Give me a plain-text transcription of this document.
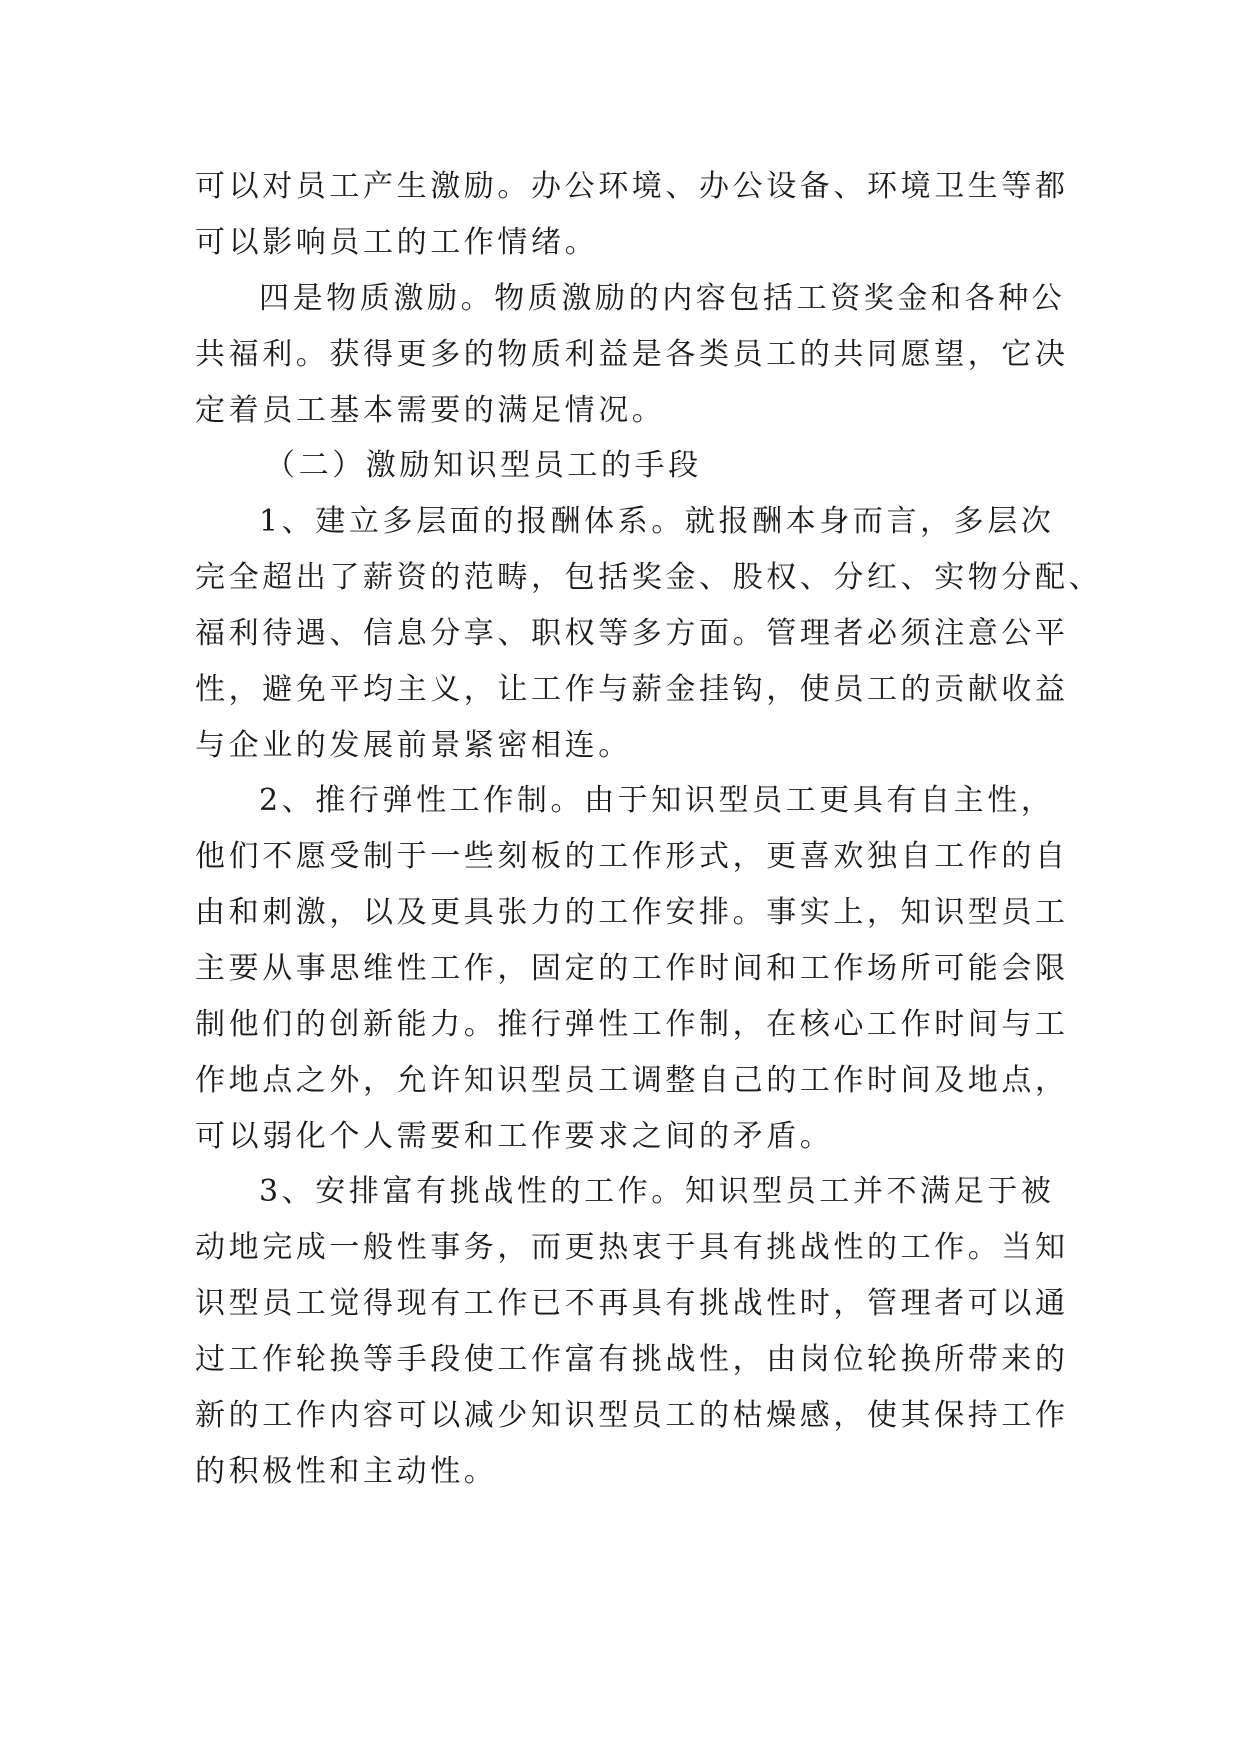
可以对员工产生激励。办公环境、办公设备、环境卫生等都
可以影响员工的工作情绪。
四是物质激励。物质激励的内容包括工资奖金和各种公
共福利。获得更多的物质利益是各类员工的共同愿望，它决
定着员工基本需要的满足情况。
（二）激励知识型员工的手段
1、建立多层面的报酬体系。就报酬本身而言，多层次
完全超出了薪资的范畴，包括奖金、股权、分红、实物分配、
福利待遇、信息分享、职权等多方面。管理者必须注意公平
性，避免平均主义，让工作与薪金挂钩，使员工的贡献收益
与企业的发展前景紧密相连。
2、推行弹性工作制。由于知识型员工更具有自主性，
他们不愿受制于一些刻板的工作形式，更喜欢独自工作的自
由和刺激，以及更具张力的工作安排。事实上，知识型员工
主要从事思维性工作，固定的工作时间和工作场所可能会限
制他们的创新能力。推行弹性工作制，在核心工作时间与工
作地点之外，允许知识型员工调整自己的工作时间及地点，
可以弱化个人需要和工作要求之间的矛盾。
3、安排富有挑战性的工作。知识型员工并不满足于被
动地完成一般性事务，而更热衷于具有挑战性的工作。当知
识型员工觉得现有工作已不再具有挑战性时，管理者可以通
过工作轮换等手段使工作富有挑战性，由岗位轮换所带来的
新的工作内容可以减少知识型员工的枯燥感，使其保持工作
的积极性和主动性。
